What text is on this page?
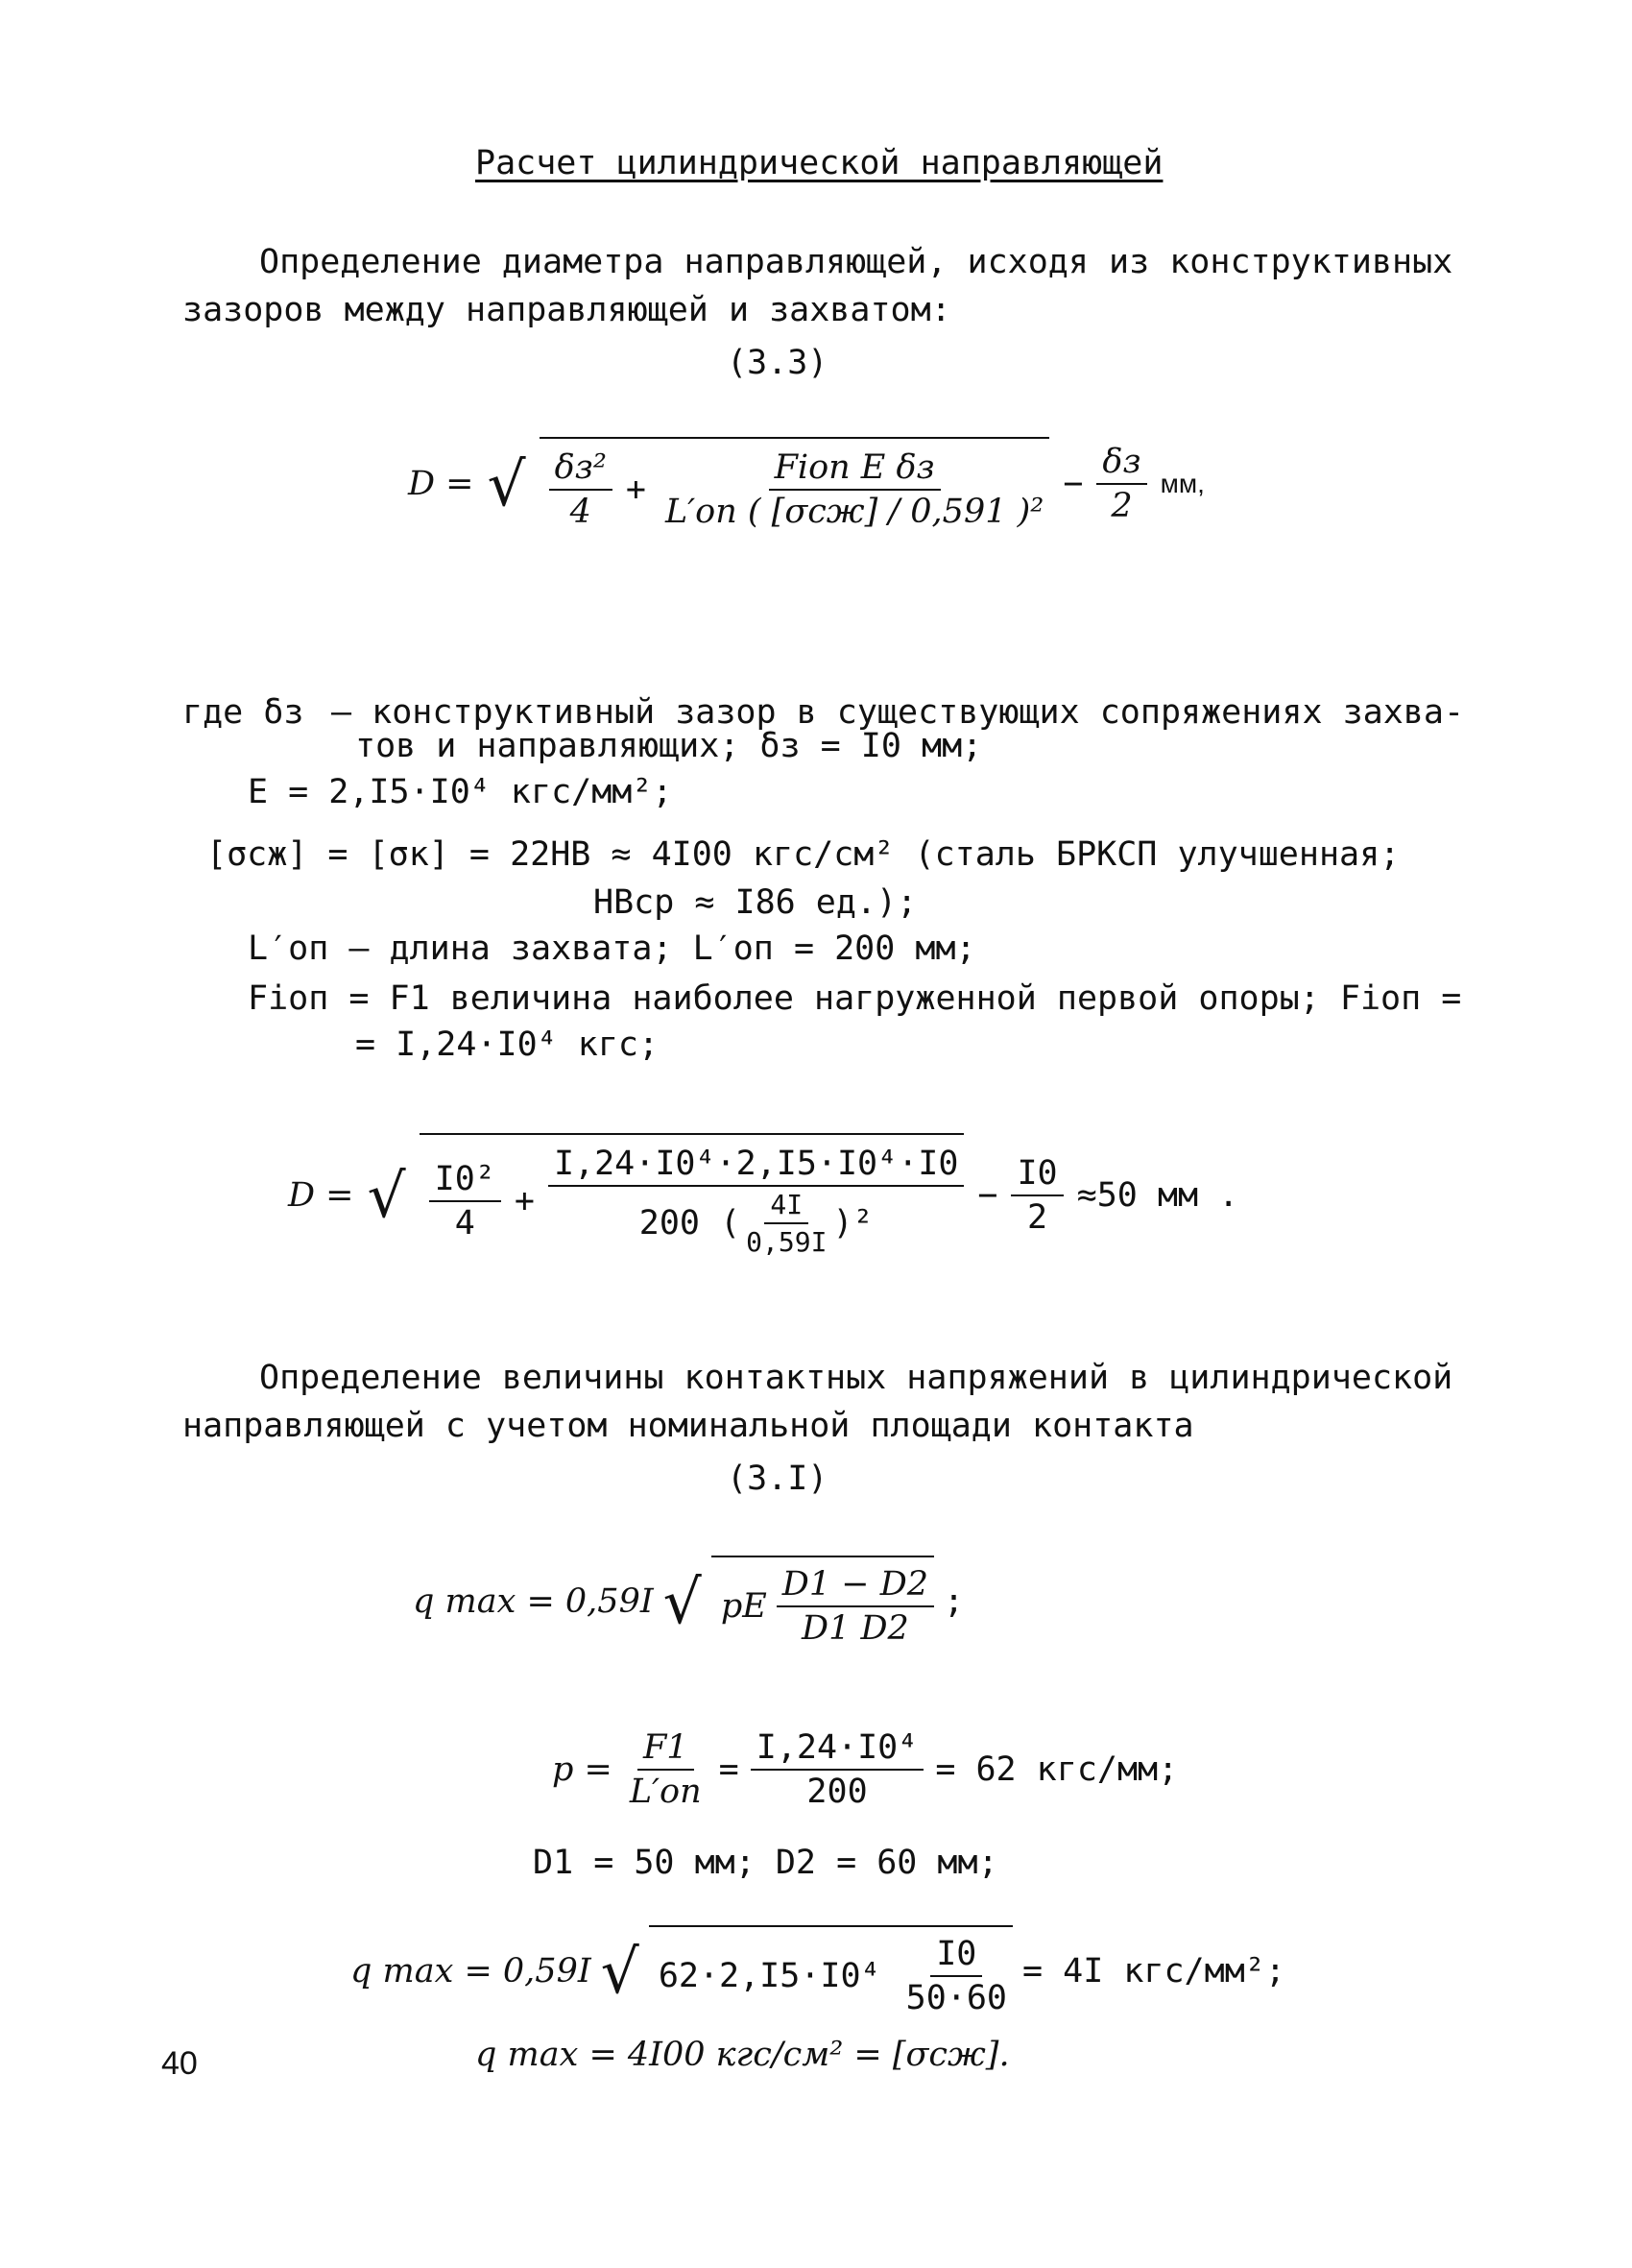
Расчет цилиндрической направляющей
Определение диаметра направляющей, исходя из конструктивных
зазоров между направляющей и захватом:
(3.3)
D = √ $\frac{\text{δз²}}{4} + \frac{\text{Fiоп E δз}}{\text{L′оп ( [σсж] / 0,591 )²}} - \frac{\delta з}{2}$ мм,
где δз – конструктивный зазор в существующих сопряжениях захва-
тов и направляющих; δз = I0 мм;
E = 2,I5·I0⁴ кгс/мм²;
[σсж] = [σк] = 22HB ≈ 4I00 кгс/см² (сталь БРКСП улучшенная;
HBср ≈ I86 ед.);
L′оп – длина захвата; L′оп = 200 мм;
Fiоп = F1 величина наиболее нагруженной первой опоры; Fiоп =
= I,24·I0⁴ кгс;
D = √ $\frac{\text{I0²}}{4} + \frac{\text{I,24·I0⁴·2,I5·I0⁴·I0}}{200 ( \frac{4I}{0,59I} )^2} - \frac{I0}{2} \approx 50$ мм .
Определение величины контактных напряжений в цилиндрической
направляющей с учетом номинальной площади контакта
(3.I)
q max = 0,59I √ pE $\frac{D1 - D2}{D1 D2}$ ;
$p = \frac{F1}{L'оп} = \frac{\text{I,24·I0⁴}}{200} = 62$ кгс/мм;
D1 = 50 мм; D2 = 60 мм;
q max = 0,59I √ $62\cdot 2,I5\cdot I0^4 \frac{I0}{50\cdot 60} = 4I$ кгс/мм²;
q max = 4I00 кгс/см² = [σсж].
40
